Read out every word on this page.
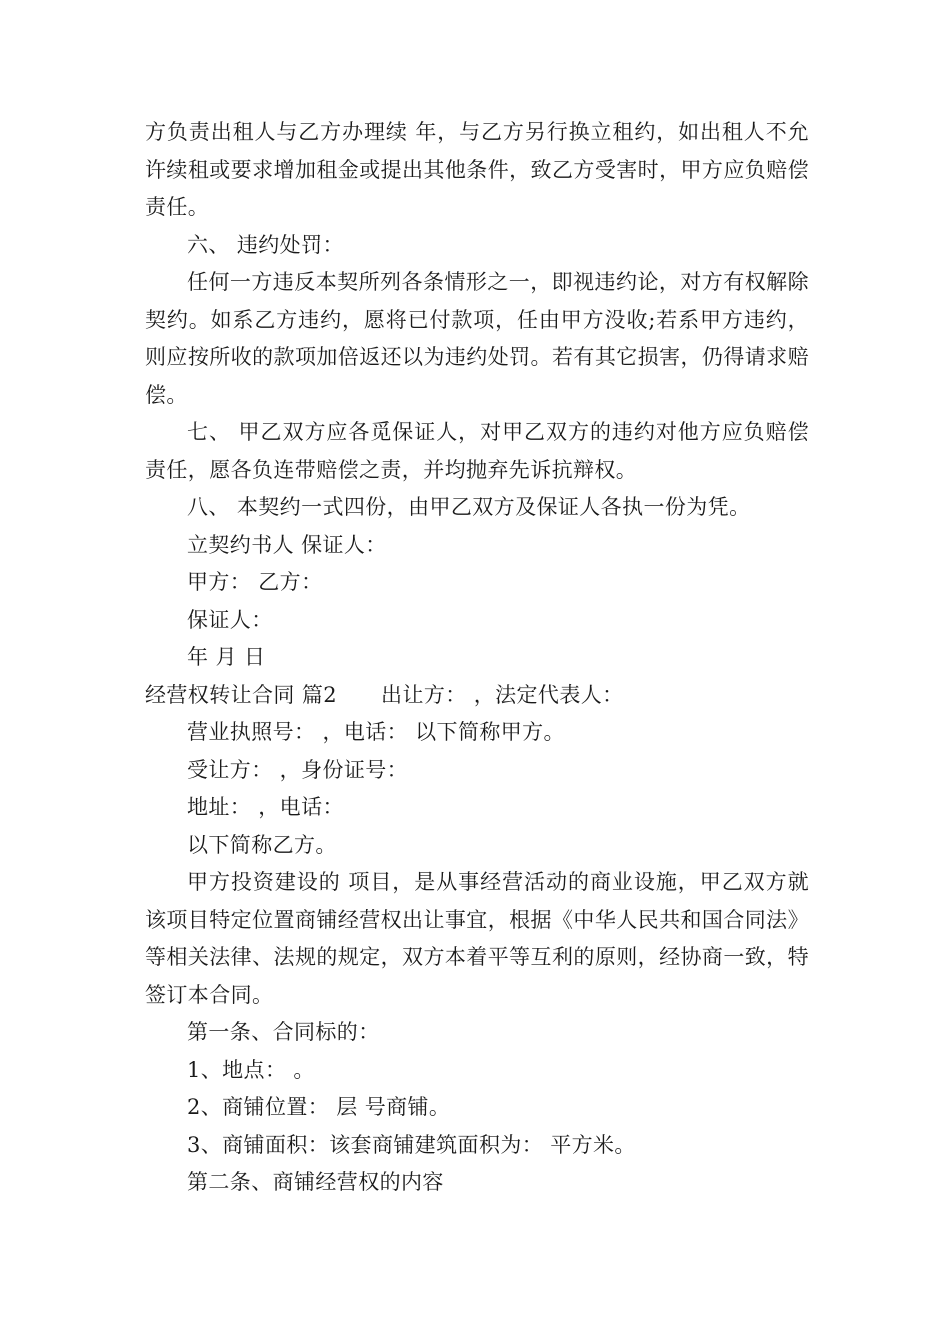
方负责出租人与乙方办理续 年，与乙方另行换立租约，如出租人不允许续租或要求增加租金或提出其他条件，致乙方受害时，甲方应负赔偿责任。

六、 违约处罚：

任何一方违反本契所列各条情形之一，即视违约论，对方有权解除契约。如系乙方违约，愿将已付款项，任由甲方没收;若系甲方违约，则应按所收的款项加倍返还以为违约处罚。若有其它损害，仍得请求赔偿。

七、 甲乙双方应各觅保证人，对甲乙双方的违约对他方应负赔偿责任，愿各负连带赔偿之责，并均抛弃先诉抗辩权。

八、 本契约一式四份，由甲乙双方及保证人各执一份为凭。

立契约书人 保证人：

甲方： 乙方：

保证人：

年 月 日

经营权转让合同 篇2 出让方： ，法定代表人：

营业执照号： ，电话： 以下简称甲方。

受让方： ，身份证号：

地址： ，电话：

以下简称乙方。

甲方投资建设的 项目，是从事经营活动的商业设施，甲乙双方就该项目特定位置商铺经营权出让事宜，根据《中华人民共和国合同法》等相关法律、法规的规定，双方本着平等互利的原则，经协商一致，特签订本合同。

第一条、合同标的：

1、地点： 。

2、商铺位置： 层 号商铺。

3、商铺面积：该套商铺建筑面积为： 平方米。

第二条、商铺经营权的内容
